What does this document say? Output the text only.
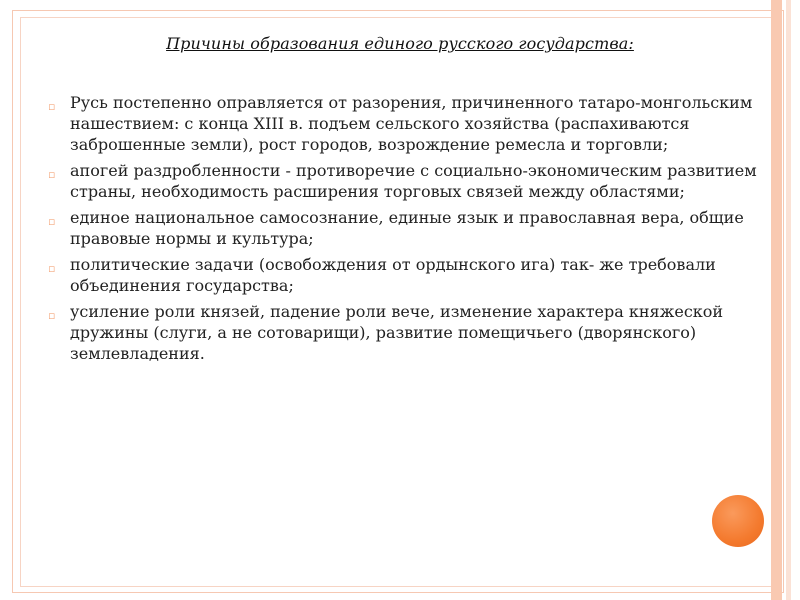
Причины образования единого русского государства:
▫ Русь постепенно оправляется от разорения, причиненного татаро-монгольским нашествием: с конца XIII в. подъем сельского хозяйства (распахиваются заброшенные земли), рост городов, возрождение ремесла и торговли;
▫ апогей раздробленности - противоречие с социально-экономическим развитием страны, необходимость расширения торговых связей между областями;
▫ единое национальное самосознание, единые язык и православная вера, общие правовые нормы и культура;
▫ политические задачи (освобождения от ордынского ига) так- же требовали объединения государства;
▫ усиление роли князей, падение роли вече, изменение характера княжеской дружины (слуги, а не сотоварищи), развитие помещичьего (дворянского) землевладения.
